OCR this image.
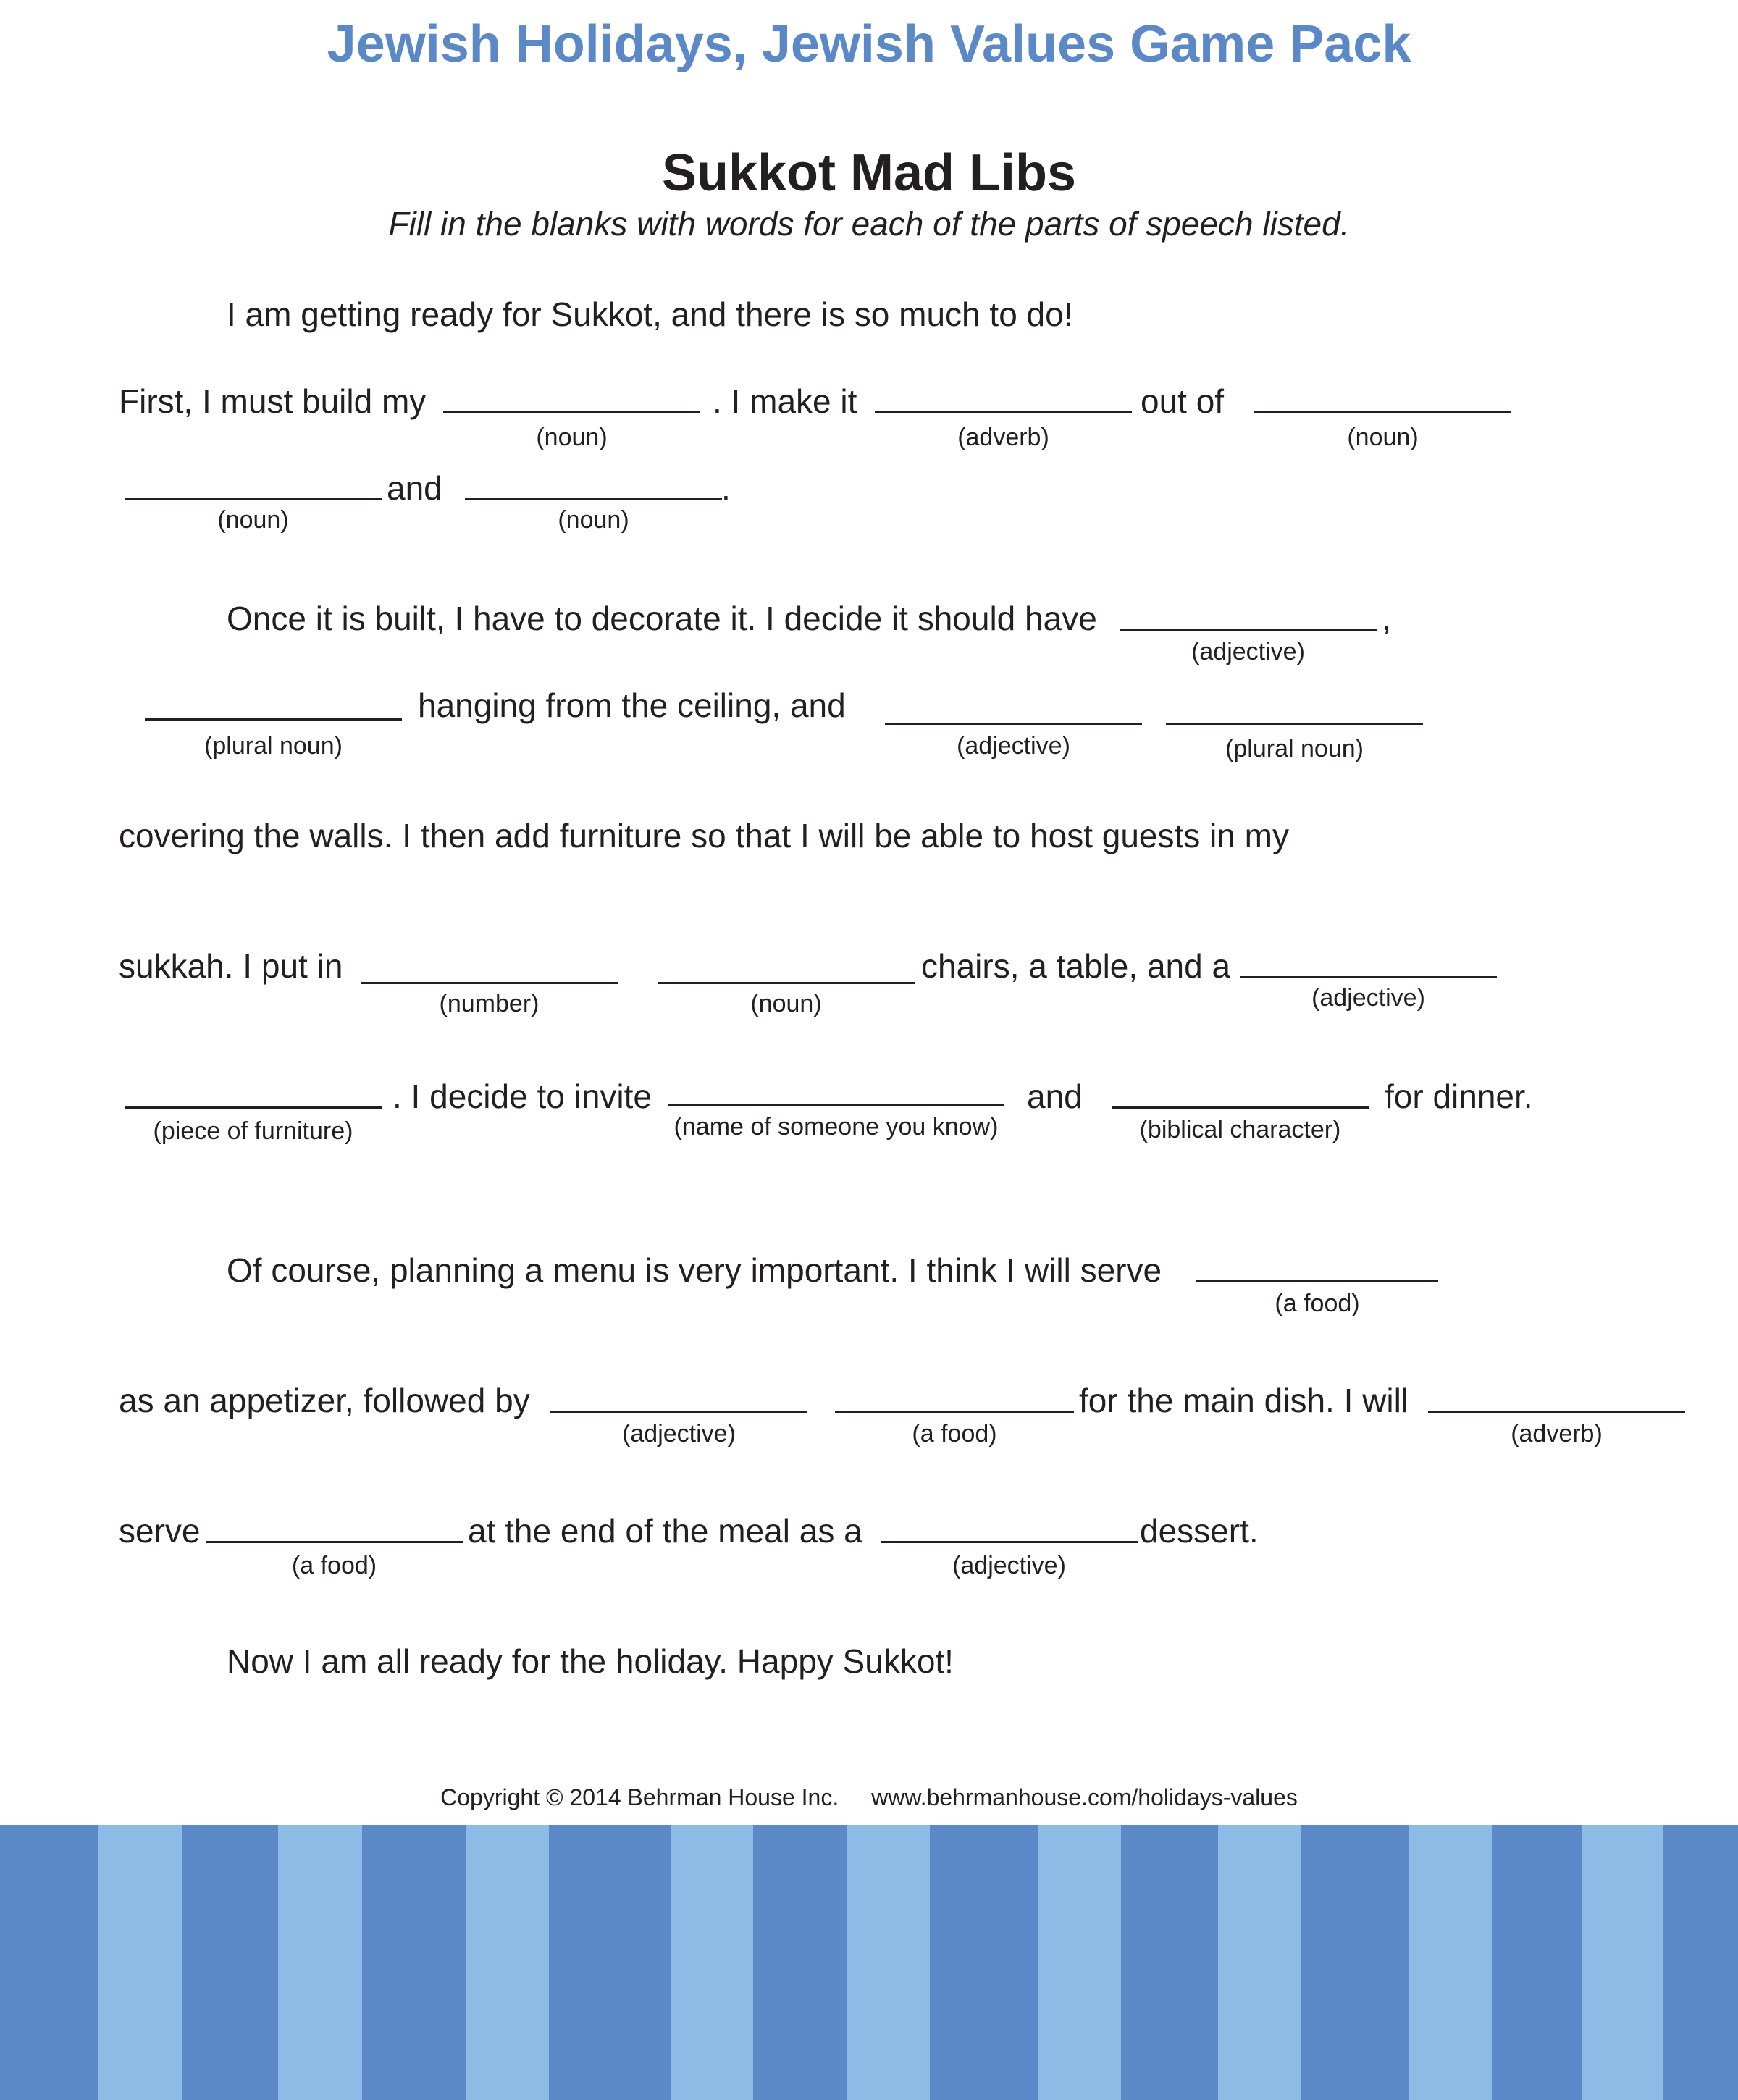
Jewish Holidays, Jewish Values Game Pack
Sukkot Mad Libs
Fill in the blanks with words for each of the parts of speech listed.
I am getting ready for Sukkot, and there is so much to do!
First, I must build my
(noun)
. I make it
(adverb)
out of
(noun)
(noun)
and
(noun)
.
Once it is built, I have to decorate it. I decide it should have
(adjective)
,
(plural noun)
hanging from the ceiling, and
(adjective)	(plural noun)
covering the walls. I then add furniture so that I will be able to host guests in my
sukkah. I put in
(number)	(noun)
chairs, a table, and a
(adjective)
(piece of furniture)
. I decide to invite
(name of someone you know)
and
(biblical character)
for dinner.
Of course, planning a menu is very important. I think I will serve
(a food)
as an appetizer, followed by
(adjective)	(a food)
for the main dish. I will
(adverb)
serve
(a food)
at the end of the meal as a
(adjective)
dessert.
Now I am all ready for the holiday. Happy Sukkot!
Copyright © 2014 Behrman House Inc. www.behrmanhouse.com/holidays-values
